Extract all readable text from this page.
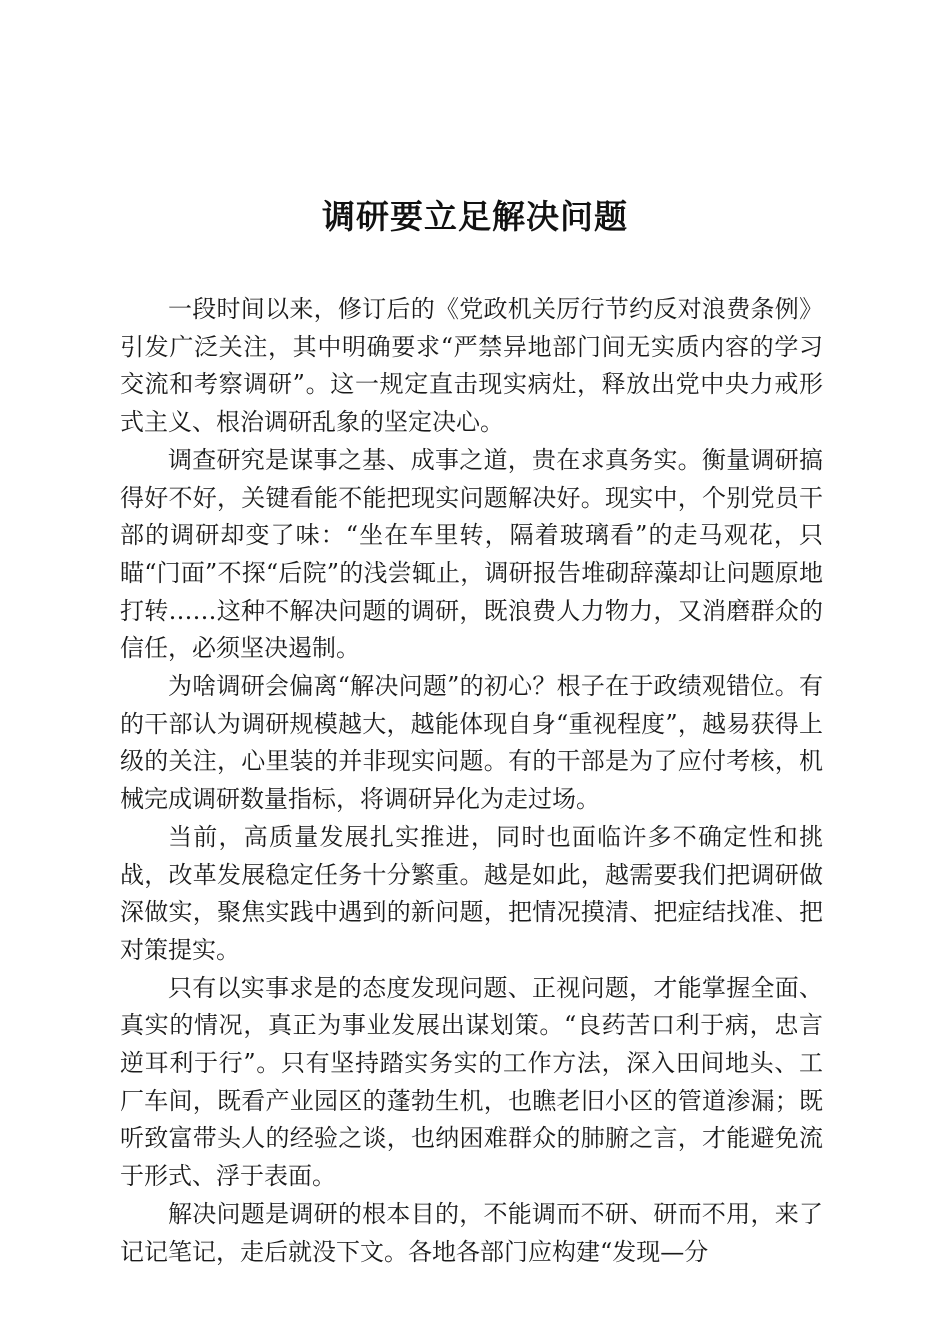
调研要立足解决问题

一段时间以来，修订后的《党政机关厉行节约反对浪费条例》引发广泛关注，其中明确要求“严禁异地部门间无实质内容的学习交流和考察调研”。这一规定直击现实病灶，释放出党中央力戒形式主义、根治调研乱象的坚定决心。

调查研究是谋事之基、成事之道，贵在求真务实。衡量调研搞得好不好，关键看能不能把现实问题解决好。现实中，个别党员干部的调研却变了味：“坐在车里转，隔着玻璃看”的走马观花，只瞄“门面”不探“后院”的浅尝辄止，调研报告堆砌辞藻却让问题原地打转……这种不解决问题的调研，既浪费人力物力，又消磨群众的信任，必须坚决遏制。

为啥调研会偏离“解决问题”的初心？根子在于政绩观错位。有的干部认为调研规模越大，越能体现自身“重视程度”，越易获得上级的关注，心里装的并非现实问题。有的干部是为了应付考核，机械完成调研数量指标，将调研异化为走过场。

当前，高质量发展扎实推进，同时也面临许多不确定性和挑战，改革发展稳定任务十分繁重。越是如此，越需要我们把调研做深做实，聚焦实践中遇到的新问题，把情况摸清、把症结找准、把对策提实。

只有以实事求是的态度发现问题、正视问题，才能掌握全面、真实的情况，真正为事业发展出谋划策。“良药苦口利于病，忠言逆耳利于行”。只有坚持踏实务实的工作方法，深入田间地头、工厂车间，既看产业园区的蓬勃生机，也瞧老旧小区的管道渗漏；既听致富带头人的经验之谈，也纳困难群众的肺腑之言，才能避免流于形式、浮于表面。

解决问题是调研的根本目的，不能调而不研、研而不用，来了记记笔记，走后就没下文。各地各部门应构建“发现—分
